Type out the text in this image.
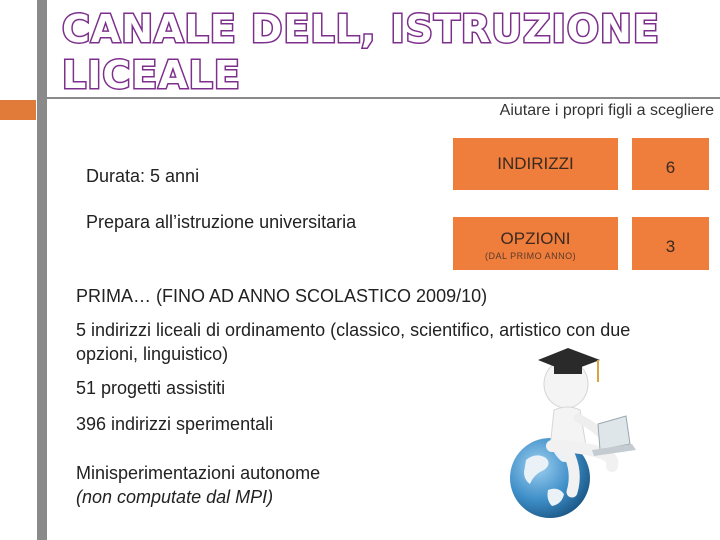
CANALE DELL, ISTRUZIONE LICEALE
Aiutare i propri figli a scegliere
Durata: 5 anni
Prepara all’istruzione universitaria
INDIRIZZI	6
OPZIONI
(DAL PRIMO ANNO)	3
PRIMA… (FINO AD ANNO SCOLASTICO 2009/10)
5 indirizzi liceali di ordinamento (classico, scientifico, artistico con due opzioni, linguistico)
51 progetti assistiti
396 indirizzi sperimentali
Minisperimentazioni autonome
(non computate dal MPI)
